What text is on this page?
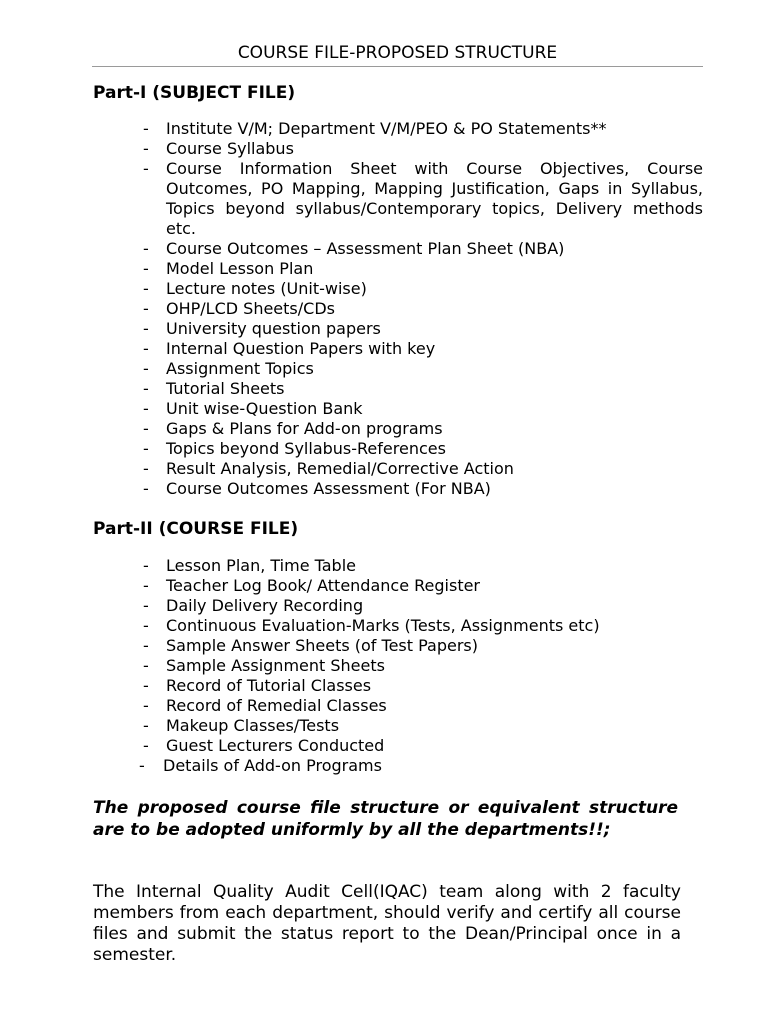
COURSE FILE-PROPOSED STRUCTURE
Part-I (SUBJECT FILE)
- Institute V/M; Department V/M/PEO & PO Statements**
- Course Syllabus
- Course Information Sheet with Course Objectives, Course Outcomes, PO Mapping, Mapping Justification, Gaps in Syllabus, Topics beyond syllabus/Contemporary topics, Delivery methods etc.
- Course Outcomes – Assessment Plan Sheet (NBA)
- Model Lesson Plan
- Lecture notes (Unit-wise)
- OHP/LCD Sheets/CDs
- University question papers
- Internal Question Papers with key
- Assignment Topics
- Tutorial Sheets
- Unit wise-Question Bank
- Gaps & Plans for Add-on programs
- Topics beyond Syllabus-References
- Result Analysis, Remedial/Corrective Action
- Course Outcomes Assessment (For NBA)
Part-II (COURSE FILE)
- Lesson Plan, Time Table
- Teacher Log Book/ Attendance Register
- Daily Delivery Recording
- Continuous Evaluation-Marks (Tests, Assignments etc)
- Sample Answer Sheets (of Test Papers)
- Sample Assignment Sheets
- Record of Tutorial Classes
- Record of Remedial Classes
- Makeup Classes/Tests
- Guest Lecturers Conducted
- Details of Add-on Programs

The proposed course file structure or equivalent structure are to be adopted uniformly by all the departments!!;

The Internal Quality Audit Cell(IQAC) team along with 2 faculty members from each department, should verify and certify all course files and submit the status report to the Dean/Principal once in a semester.
